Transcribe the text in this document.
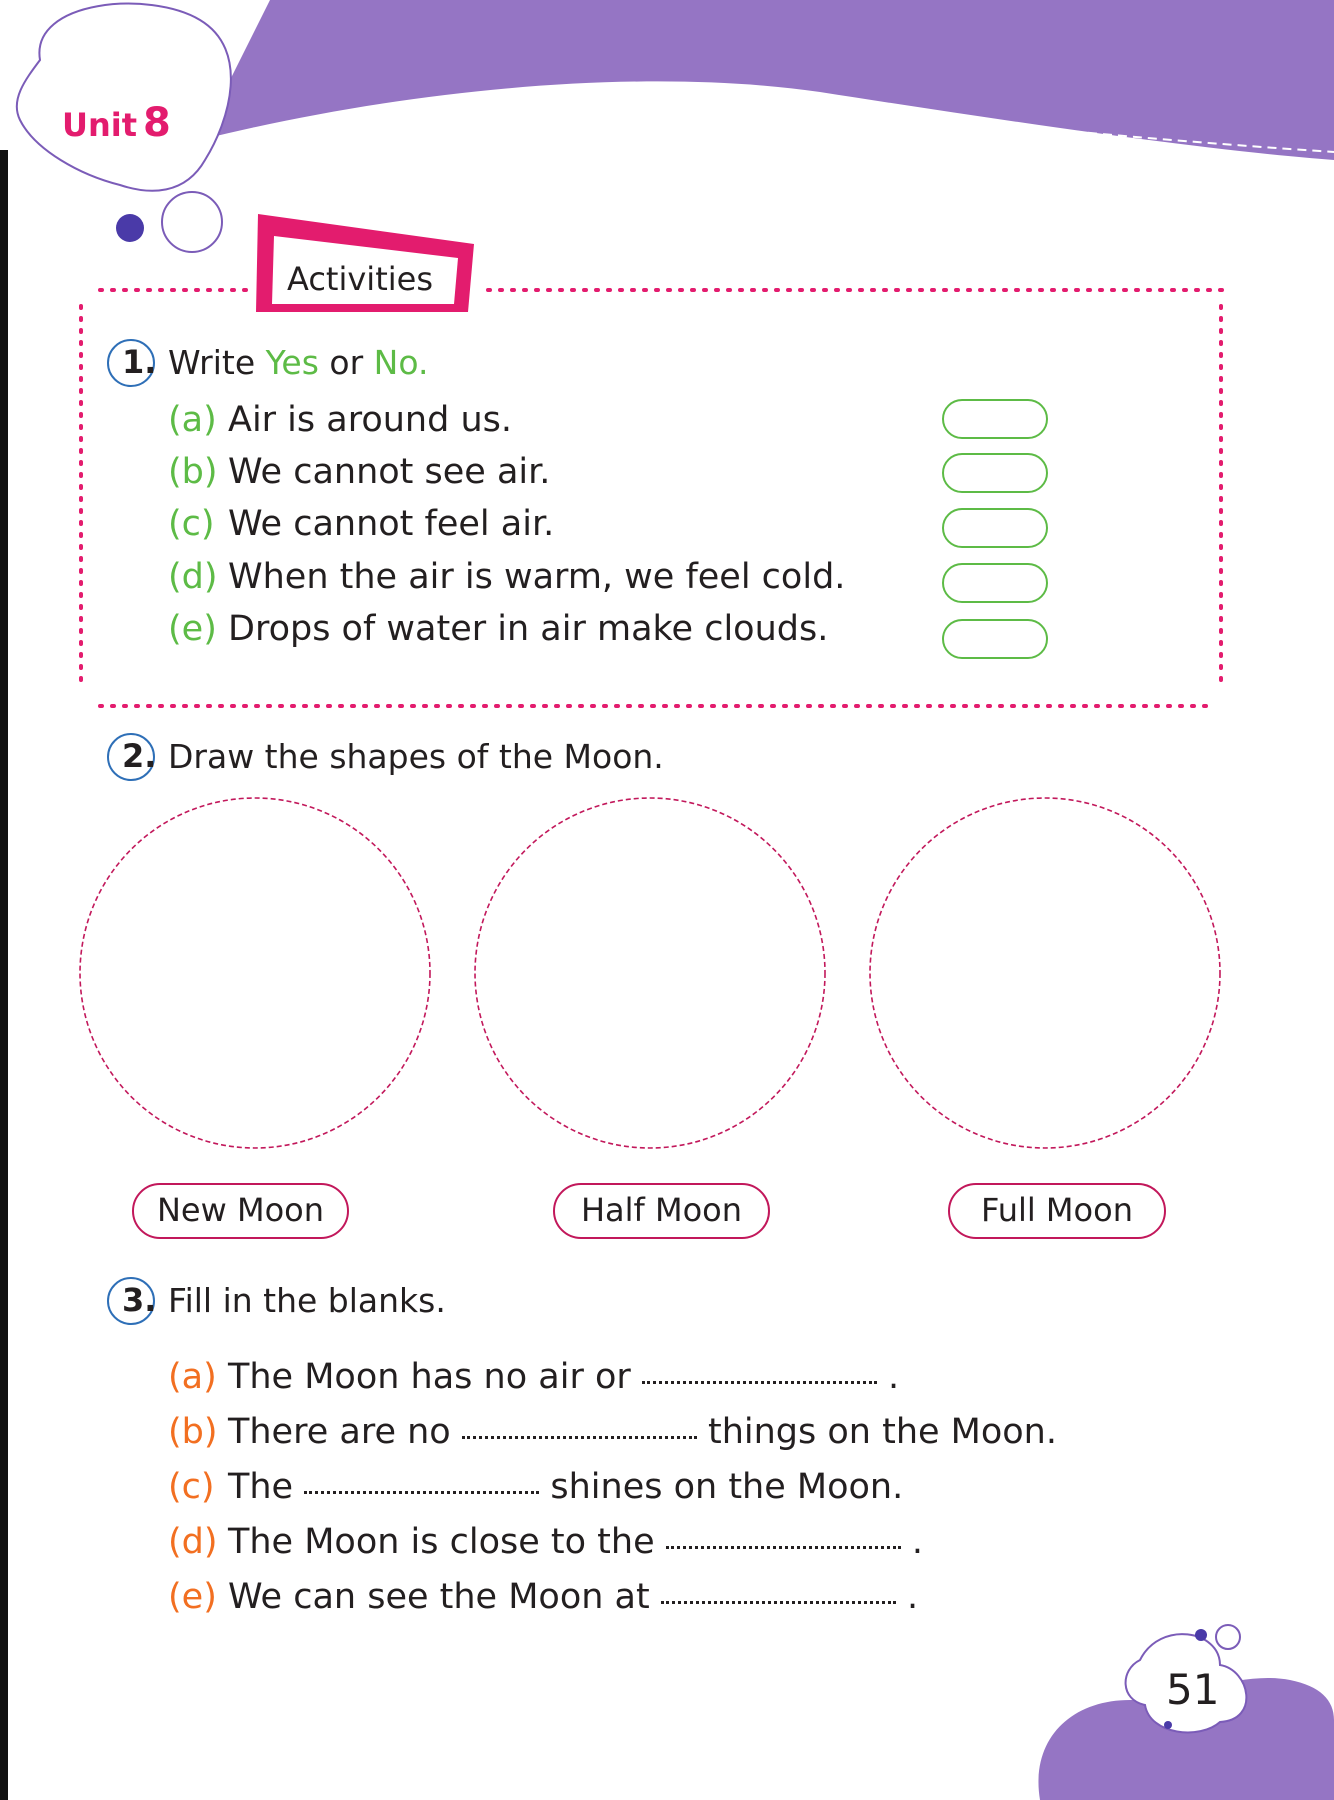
Unit 8
Activities
1. Write Yes or No.
(a) Air is around us.
(b) We cannot see air.
(c) We cannot feel air.
(d) When the air is warm, we feel cold.
(e) Drops of water in air make clouds.
2. Draw the shapes of the Moon.
New Moon	Half Moon	Full Moon
3. Fill in the blanks.
(a) The Moon has no air or	.
(b) There are no	things on the Moon.
(c) The	shines on the Moon.
(d) The Moon is close to the	.
(e) We can see the Moon at	.
51
